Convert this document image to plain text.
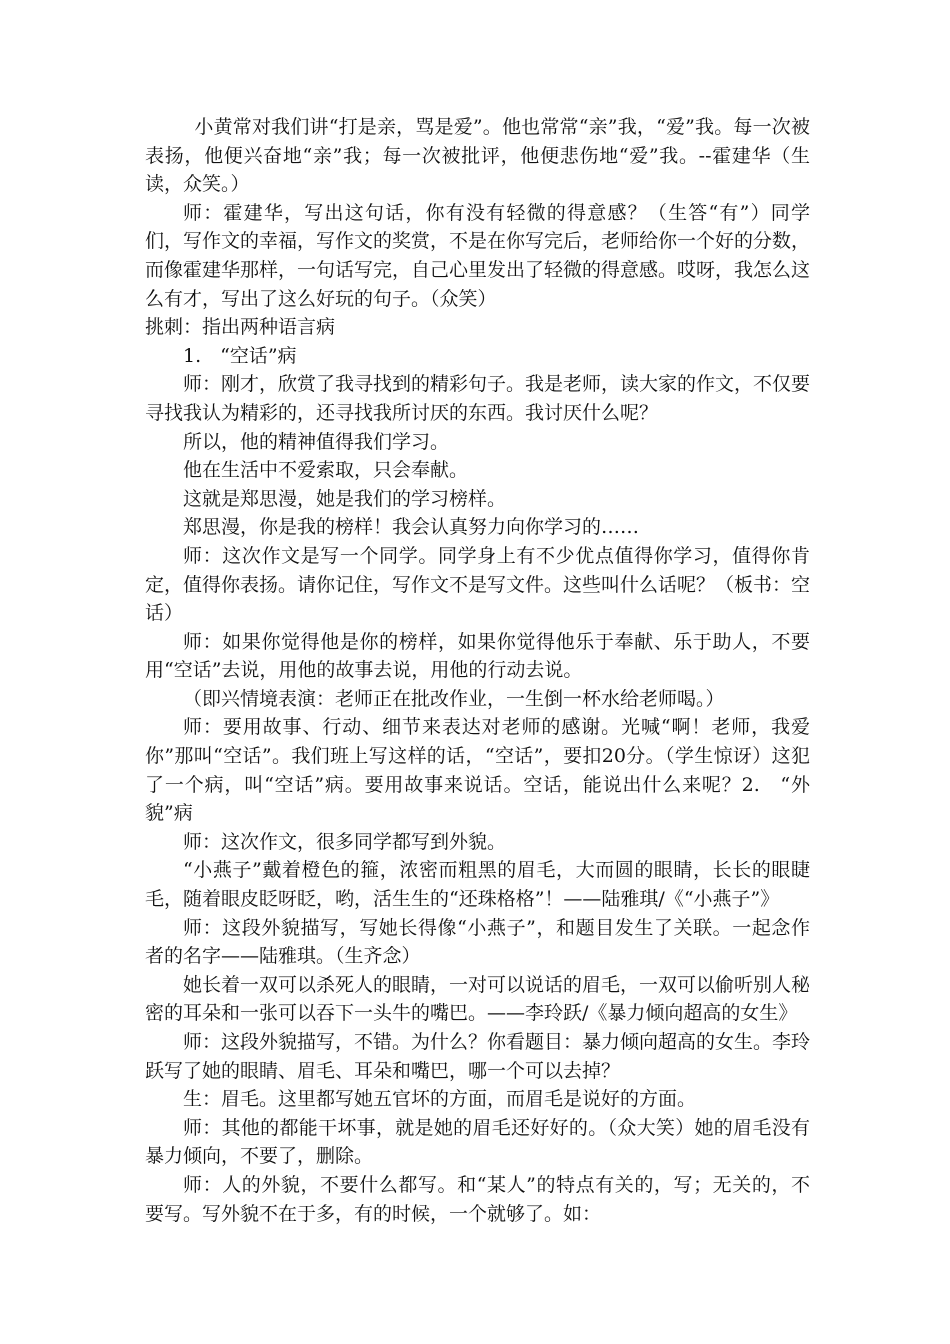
小黄常对我们讲“打是亲，骂是爱”。他也常常“亲”我，“爱”我。每一次被表扬，他便兴奋地“亲”我；每一次被批评，他便悲伤地“爱”我。--霍建华（生读，众笑。）

师：霍建华，写出这句话，你有没有轻微的得意感？（生答“有”）同学们，写作文的幸福，写作文的奖赏，不是在你写完后，老师给你一个好的分数，而像霍建华那样，一句话写完，自己心里发出了轻微的得意感。哎呀，我怎么这么有才，写出了这么好玩的句子。（众笑）

挑刺：指出两种语言病

1.　“空话”病

师：刚才，欣赏了我寻找到的精彩句子。我是老师，读大家的作文，不仅要寻找我认为精彩的，还寻找我所讨厌的东西。我讨厌什么呢？

所以，他的精神值得我们学习。

他在生活中不爱索取，只会奉献。

这就是郑思漫，她是我们的学习榜样。

郑思漫，你是我的榜样！我会认真努力向你学习的……

师：这次作文是写一个同学。同学身上有不少优点值得你学习，值得你肯定，值得你表扬。请你记住，写作文不是写文件。这些叫什么话呢？（板书：空话）

师：如果你觉得他是你的榜样，如果你觉得他乐于奉献、乐于助人，不要用“空话”去说，用他的故事去说，用他的行动去说。

（即兴情境表演：老师正在批改作业，一生倒一杯水给老师喝。）

师：要用故事、行动、细节来表达对老师的感谢。光喊“啊！老师，我爱你”那叫“空话”。我们班上写这样的话，“空话”，要扣20分。（学生惊讶）这犯了一个病，叫“空话”病。要用故事来说话。空话，能说出什么来呢？2.　“外貌”病

师：这次作文，很多同学都写到外貌。

“小燕子”戴着橙色的箍，浓密而粗黑的眉毛，大而圆的眼睛，长长的眼睫毛，随着眼皮眨呀眨，哟，活生生的“还珠格格”！——陆雅琪/《“小燕子”》

师：这段外貌描写，写她长得像“小燕子”，和题目发生了关联。一起念作者的名字——陆雅琪。（生齐念）

她长着一双可以杀死人的眼睛，一对可以说话的眉毛，一双可以偷听别人秘密的耳朵和一张可以吞下一头牛的嘴巴。——李玲跃/《暴力倾向超高的女生》

师：这段外貌描写，不错。为什么？你看题目：暴力倾向超高的女生。李玲跃写了她的眼睛、眉毛、耳朵和嘴巴，哪一个可以去掉？

生：眉毛。这里都写她五官坏的方面，而眉毛是说好的方面。

师：其他的都能干坏事，就是她的眉毛还好好的。（众大笑）她的眉毛没有暴力倾向，不要了，删除。

师：人的外貌，不要什么都写。和“某人”的特点有关的，写；无关的，不要写。写外貌不在于多，有的时候，一个就够了。如：
